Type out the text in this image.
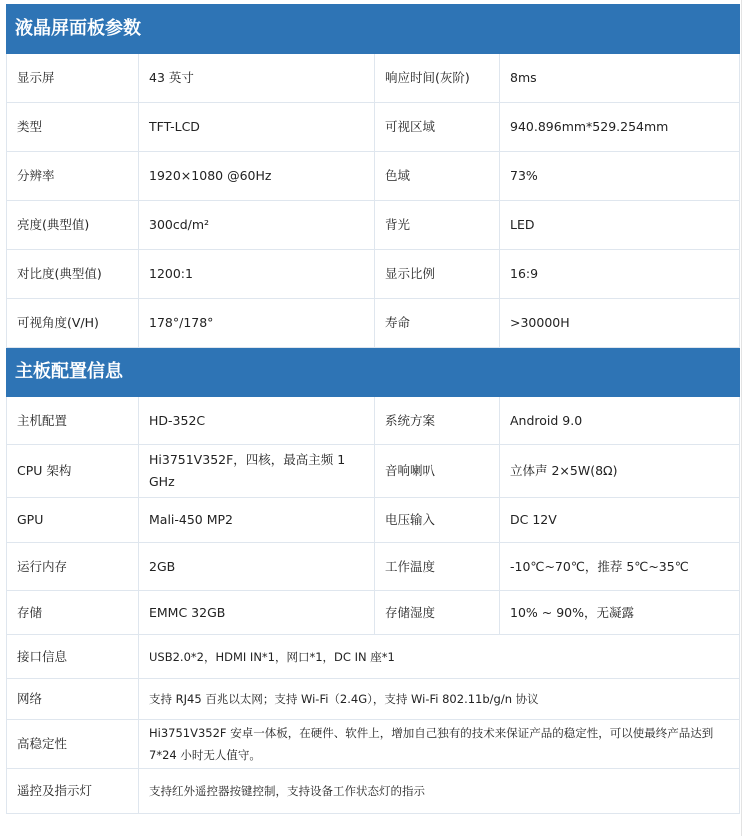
液晶屏面板参数			
显示屏	43 英寸	响应时间(灰阶)	8ms
类型	TFT-LCD	可视区域	940.896mm*529.254mm
分辨率	1920×1080 @60Hz	色域	73%
亮度(典型值)	300cd/m²	背光	LED
对比度(典型值)	1200:1	显示比例	16:9
可视角度(V/H)	178°/178°	寿命	>30000H
主板配置信息			
主机配置	HD-352C	系统方案	Android 9.0
CPU 架构	Hi3751V352F，四核，最高主频 1 GHz	音响喇叭	立体声 2×5W(8Ω)
GPU	Mali-450 MP2	电压输入	DC 12V
运行内存	2GB	工作温度	-10℃~70℃，推荐 5℃~35℃
存储	EMMC 32GB	存储湿度	10% ~ 90%，无凝露
接口信息	USB2.0*2，HDMI IN*1，网口*1，DC IN 座*1		
网络	支持 RJ45 百兆以太网；支持 Wi-Fi（2.4G），支持 Wi-Fi 802.11b/g/n 协议		
高稳定性	Hi3751V352F 安卓一体板，在硬件、软件上，增加自己独有的技术来保证产品的稳定性，可以使最终产品达到 7*24 小时无人值守。		
遥控及指示灯	支持红外遥控器按键控制，支持设备工作状态灯的指示		
